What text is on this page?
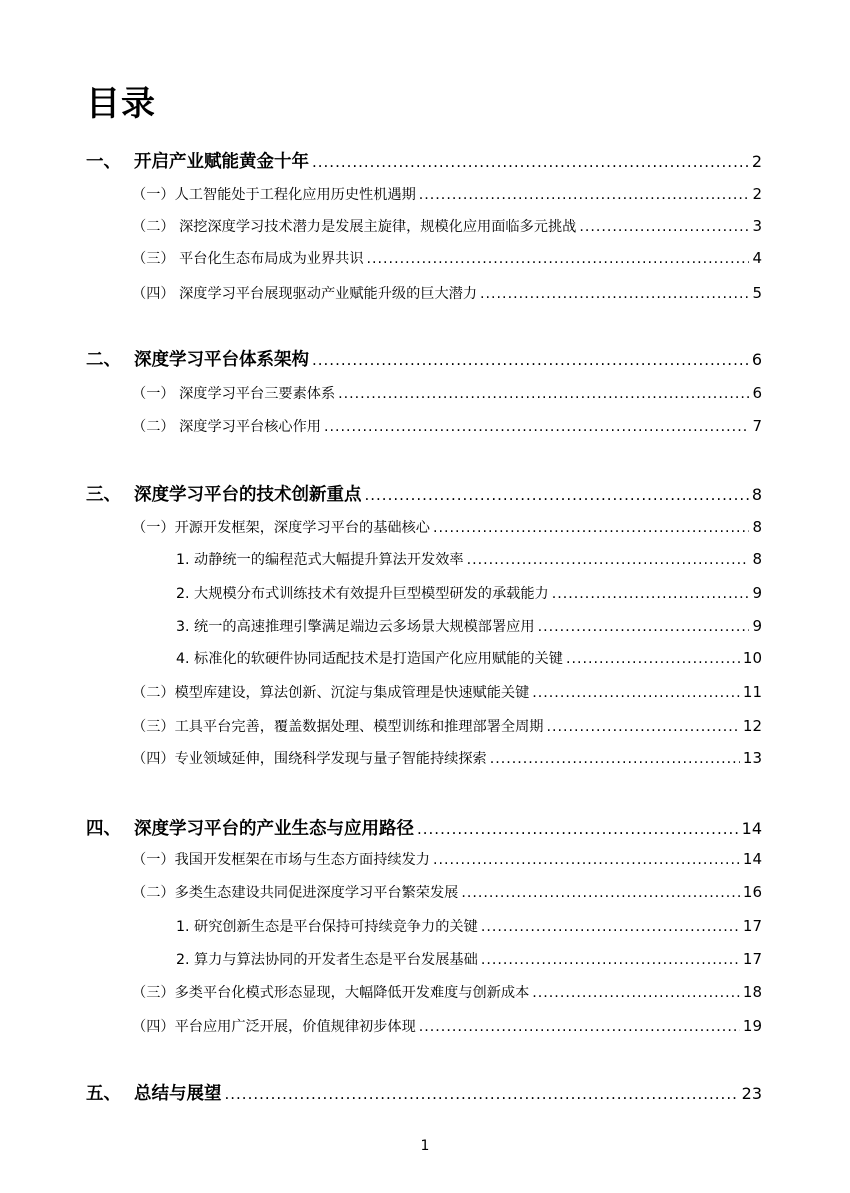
目录
一、 开启产业赋能黄金十年 .....	2
（一）人工智能处于工程化应用历史性机遇期 .....	2
（二） 深挖深度学习技术潜力是发展主旋律，规模化应用面临多元挑战 .....	3
（三） 平台化生态布局成为业界共识 .....	4
（四） 深度学习平台展现驱动产业赋能升级的巨大潜力 .....	5
二、 深度学习平台体系架构 .....	6
（一） 深度学习平台三要素体系 .....	6
（二） 深度学习平台核心作用 .....	7
三、 深度学习平台的技术创新重点 .....	8
（一）开源开发框架，深度学习平台的基础核心 .....	8
1. 动静统一的编程范式大幅提升算法开发效率 .....	8
2. 大规模分布式训练技术有效提升巨型模型研发的承载能力 .....	9
3. 统一的高速推理引擎满足端边云多场景大规模部署应用 .....	9
4. 标准化的软硬件协同适配技术是打造国产化应用赋能的关键 .....	10
（二）模型库建设，算法创新、沉淀与集成管理是快速赋能关键 .....	11
（三）工具平台完善，覆盖数据处理、模型训练和推理部署全周期 .....	12
（四）专业领域延伸，围绕科学发现与量子智能持续探索 .....	13
四、 深度学习平台的产业生态与应用路径 .....	14
（一）我国开发框架在市场与生态方面持续发力 .....	14
（二）多类生态建设共同促进深度学习平台繁荣发展 .....	16
1. 研究创新生态是平台保持可持续竞争力的关键 .....	17
2. 算力与算法协同的开发者生态是平台发展基础 .....	17
（三）多类平台化模式形态显现，大幅降低开发难度与创新成本 .....	18
（四）平台应用广泛开展，价值规律初步体现 .....	19
五、 总结与展望 .....	23
1
